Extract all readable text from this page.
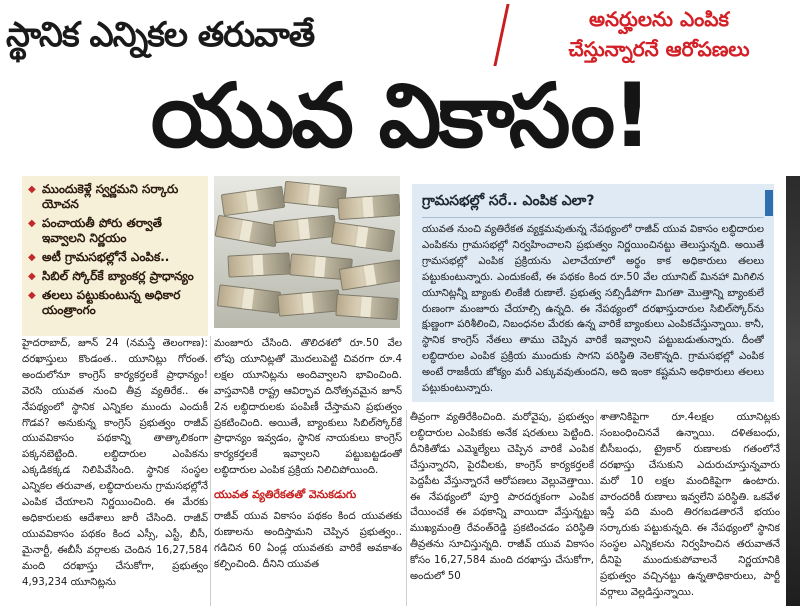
స్థానిక ఎన్నికల తరువాతే	అనర్హులను ఎంపిక
చేస్తున్నారనే ఆరోపణలు
యువ వికాసం!
◆ ముందుకెళ్లే స్వర్ణమని సర్కారు యోచన
◆ పంచాయతీ పోరు తర్వాతే ఇవ్వాలని నిర్ణయం
◆ అటీ గ్రామసభల్లోనే ఎంపిక..
◆ సిబిల్ స్కోర్‌కే బ్యాంకర్ల ప్రాధాన్యం
◆ తలలు పట్టుకుంటున్న అధికార యంత్రాంగం
హైదరాబాద్, జూన్ 24 (నమస్తే తెలంగాణ): దరఖాస్తులు కొండంత.. యూనిట్లు గోరంత. అందులోనూ కాంగ్రెస్ కార్యకర్తలకే ప్రాధాన్యం! వెరసి యువత నుంచి తీవ్ర వ్యతిరేక.. ఈ నేపథ్యంలో స్థానిక ఎన్నికల ముందు ఎందుకీ గొడవ? అనుకున్న కాంగ్రెస్ ప్రభుత్వం రాజీవ్ యువవికాసం పథకాన్ని తాత్కాలికంగా పక్కనబెట్టింది. లబ్ధిదారుల ఎంపికను ఎక్కడికక్కడ నిలిపివేసింది. స్థానిక సంస్థల ఎన్నికల తరువాత, లబ్ధిదారులను గ్రామసభల్లోనే ఎంపిక చేయాలని నిర్ణయించింది. ఈ మేరకు అధికారులకు ఆదేశాలు జారీ చేసింది. రాజీవ్ యువవికాసం పథకం కింద ఎస్సీ, ఎస్టీ, బీసీ, మైనార్టీ, ఈబీసీ వర్గాలకు చెందిన 16,27,584 మంది దరఖాస్తు చేసుకోగా, ప్రభుత్వం 4,93,234 యూనిట్లను
మంజూరు చేసింది. తొలిదశలో రూ.50 వేల లోపు యూనిట్లతో మొదలుపెట్టి చివరగా రూ.4 లక్షల యూనిట్లను అందివ్వాలని భావించింది. వాస్తవానికి రాష్ట్ర ఆవిర్భావ దినోత్సవమైన జూన్ 2న లబ్ధిదారులకు పంపిణీ చేస్తామని ప్రభుత్వం ప్రకటించింది. అయితే, బ్యాంకులు సిబిల్‌స్కోర్‌కే ప్రాధాన్యం ఇవ్వడం, స్థానిక నాయకులు కాంగ్రెస్ కార్యకర్తలకే ఇవ్వాలని పట్టుబట్టడంతో లబ్ధిదారుల ఎంపిక ప్రక్రియ నిలిచిపోయింది.
యువత వ్యతిరేకతతో వెనుకడుగు
రాజీవ్ యువ వికాసం పథకం కింద యువతకు రుణాలను అందిస్తామని చెప్పిన ప్రభుత్వం.. గడిచిన 60 ఏండ్ల యువతకు వారికే అవకాశం కల్పించింది. దీనిని యువత
గ్రామసభల్లో సరే.. ఎంపిక ఎలా?
యువత నుంచి వ్యతిరేకత వ్యక్తమవుతున్న నేపథ్యంలో రాజీవ్ యువ వికాసం లబ్ధిదారుల ఎంపికను గ్రామసభల్లో నిర్వహించాలని ప్రభుత్వం నిర్ణయించినట్టు తెలుస్తున్నది. అయితే గ్రామసభల్లో ఎంపిక ప్రక్రియను ఎలాచేయాలో అర్థం కాక అధికారులు తలలు పట్టుకుంటున్నారు. ఎందుకంటే, ఈ పథకం కింద రూ.50 వేల యూనిట్ మినహా మిగిలిన యూనిట్లన్నీ బ్యాంకు లింకేజీ రుణాలే. ప్రభుత్వ సబ్సిడీపోగా మిగతా మొత్తాన్ని బ్యాంకులే రుణంగా మంజూరు చేయాల్సి ఉన్నది. ఈ నేపథ్యంలో దరఖాస్తుదారుల సిబిల్‌స్కోర్‌ను క్షుణ్ణంగా పరిశీలించి, నిబంధనల మేరకు ఉన్న వారికే బ్యాంకులు ఎంపికచేస్తున్నాయి. కానీ, స్థానిక కాంగ్రెస్ నేతలు తాము చెప్పిన వారికే ఇవ్వాలని పట్టుబడుతున్నారు. దీంతో లబ్ధిదారుల ఎంపిక ప్రక్రియ ముందుకు సాగని పరిస్థితి నెలకొన్నది. గ్రామసభల్లో ఎంపిక అంటే రాజకీయ జోక్యం మరీ ఎక్కువవుతుందని, అది ఇంకా కష్టమని అధికారులు తలలు పట్టుకుంటున్నారు.
తీవ్రంగా వ్యతిరేకించింది. మరోవైపు, ప్రభుత్వం లబ్ధిదారుల ఎంపికకు అనేక షరతులు పెట్టింది. దీనికితోడు ఎమ్మెల్యేలు చెప్పిన వారికే ఎంపిక చేస్తున్నారని, పైరవీలకు, కాంగ్రెస్ కార్యకర్తలకే పెద్దపీట వేస్తున్నారనే ఆరోపణలు వెల్లువెత్తాయి. ఈ నేపథ్యంలో పూర్తి పారదర్శకంగా ఎంపిక చేయించకే ఈ పథకాన్ని వాయిదా వేస్తున్నట్టు ముఖ్యమంత్రి రేవంత్‌రెడ్డి ప్రకటించడం పరిస్థితి తీవ్రతను సూచిస్తున్నది. రాజీవ్ యువ వికాసం కోసం 16,27,584 మంది దరఖాస్తు చేసుకోగా, అందులో 50
శాతానికిపైగా రూ.4లక్షల యూనిట్లకు సంబంధించినవే ఉన్నాయి. దళితబంధు, బీసీబంధు, ట్రైకార్ రుణాలకు గతంలోనే దరఖాస్తు చేసుకుని ఎదురుచూస్తున్నవారు మరో 10 లక్షల మందికిపైగా ఉంటారు. వారందరికీ రుణాలు ఇవ్వలేని పరిస్థితి. ఒకవేళ ఇస్తే పది మంది తిరగబడతారనే భయం సర్కారుకు పట్టుకున్నది. ఈ నేపథ్యంలో స్థానిక సంస్థల ఎన్నికలను నిర్వహించిన తరువాతనే దీనిపై ముందుకుపోవాలనే నిర్ణయానికి ప్రభుత్వం వచ్చినట్టు ఉన్నతాధికారులు, పార్టీ వర్గాలు వెల్లడిస్తున్నాయి.
